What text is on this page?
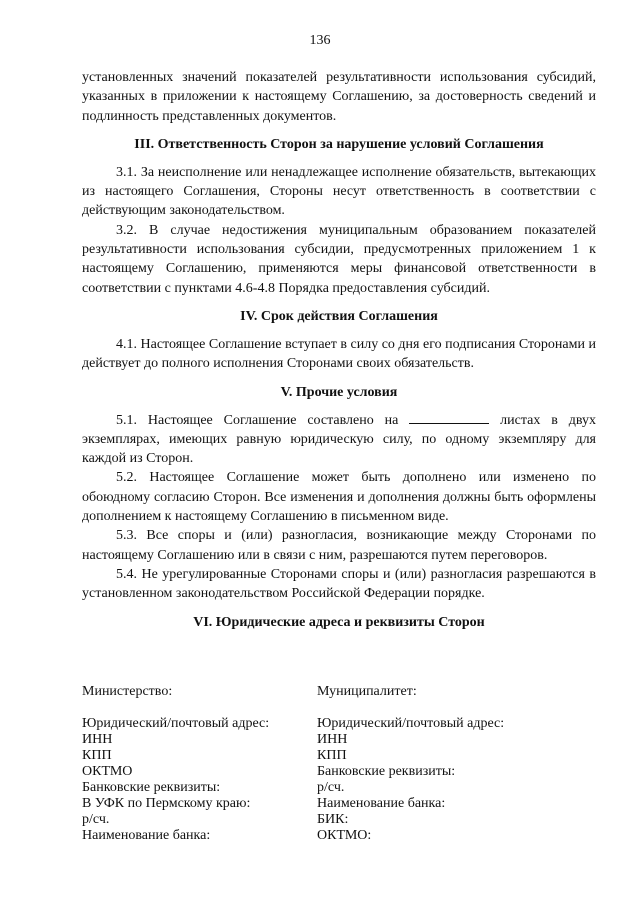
136

установленных значений показателей результативности использования субсидий, указанных в приложении к настоящему Соглашению, за достоверность сведений и подлинность представленных документов.

III. Ответственность Сторон за нарушение условий Соглашения

3.1. За неисполнение или ненадлежащее исполнение обязательств, вытекающих из настоящего Соглашения, Стороны несут ответственность в соответствии с действующим законодательством.

3.2. В случае недостижения муниципальным образованием показателей результативности использования субсидии, предусмотренных приложением 1 к настоящему Соглашению, применяются меры финансовой ответственности в соответствии с пунктами 4.6-4.8 Порядка предоставления субсидий.

IV. Срок действия Соглашения

4.1. Настоящее Соглашение вступает в силу со дня его подписания Сторонами и действует до полного исполнения Сторонами своих обязательств.

V. Прочие условия

5.1. Настоящее Соглашение составлено на	листах в двух экземплярах, имеющих равную юридическую силу, по одному экземпляру для каждой из Сторон.

5.2. Настоящее Соглашение может быть дополнено или изменено по обоюдному согласию Сторон. Все изменения и дополнения должны быть оформлены дополнением к настоящему Соглашению в письменном виде.

5.3. Все споры и (или) разногласия, возникающие между Сторонами по настоящему Соглашению или в связи с ним, разрешаются путем переговоров.

5.4. Не урегулированные Сторонами споры и (или) разногласия разрешаются в установленном законодательством Российской Федерации порядке.

VI. Юридические адреса и реквизиты Сторон
Министерство:
Юридический/почтовый адрес:
ИНН
КПП
ОКТМО
Банковские реквизиты:
В УФК по Пермскому краю:
р/сч.
Наименование банка:
Муниципалитет:
Юридический/почтовый адрес:
ИНН
КПП
Банковские реквизиты:
р/сч.
Наименование банка:
БИК:
ОКТМО:
